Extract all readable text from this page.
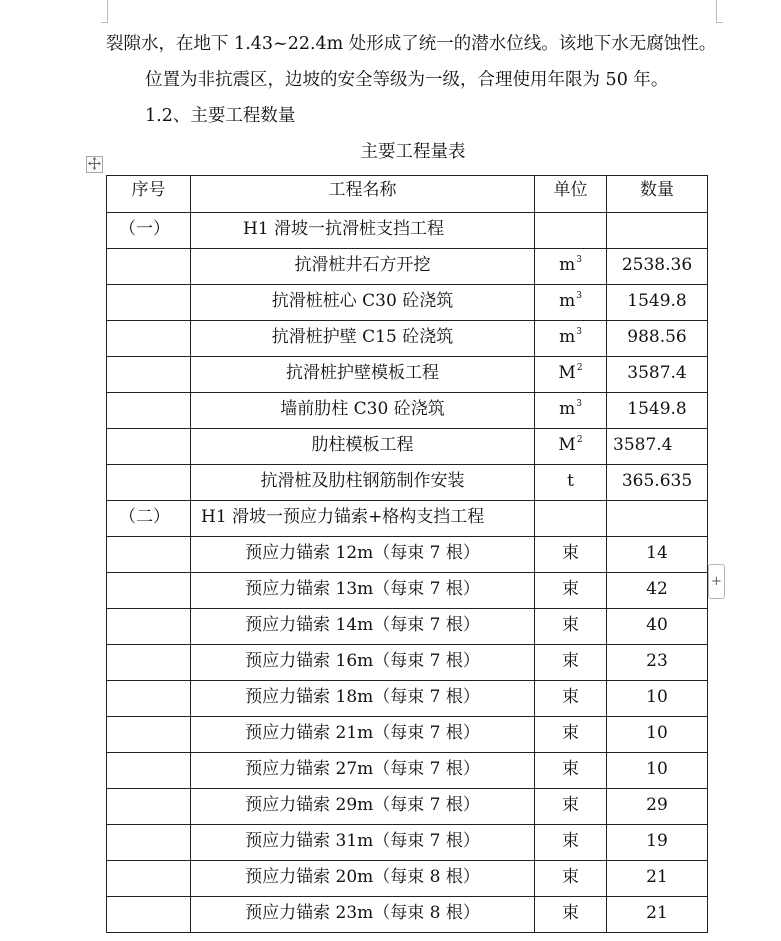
裂隙水，在地下 1.43~22.4m 处形成了统一的潜水位线。该地下水无腐蚀性。
位置为非抗震区，边坡的安全等级为一级，合理使用年限为 50 年。
1.2、主要工程数量
主要工程量表
序号	工程名称	单位	数量
（一）	H1 滑坡一抗滑桩支挡工程		
	抗滑桩井石方开挖	$m^3$	2538.36
	抗滑桩桩心 C30 砼浇筑	$m^3$	1549.8
	抗滑桩护壁 C15 砼浇筑	$m^3$	988.56
	抗滑桩护壁模板工程	$M^2$	3587.4
	墙前肋柱 C30 砼浇筑	$m^3$	1549.8
	肋柱模板工程	$M^2$	3587.4
	抗滑桩及肋柱钢筋制作安装	t	365.635
（二）	H1 滑坡一预应力锚索+格构支挡工程		
	预应力锚索 12m（每束 7 根）	束	14
	预应力锚索 13m（每束 7 根）	束	42
	预应力锚索 14m（每束 7 根）	束	40
	预应力锚索 16m（每束 7 根）	束	23
	预应力锚索 18m（每束 7 根）	束	10
	预应力锚索 21m（每束 7 根）	束	10
	预应力锚索 27m（每束 7 根）	束	10
	预应力锚索 29m（每束 7 根）	束	29
	预应力锚索 31m（每束 7 根）	束	19
	预应力锚索 20m（每束 8 根）	束	21
	预应力锚索 23m（每束 8 根）	束	21
+
